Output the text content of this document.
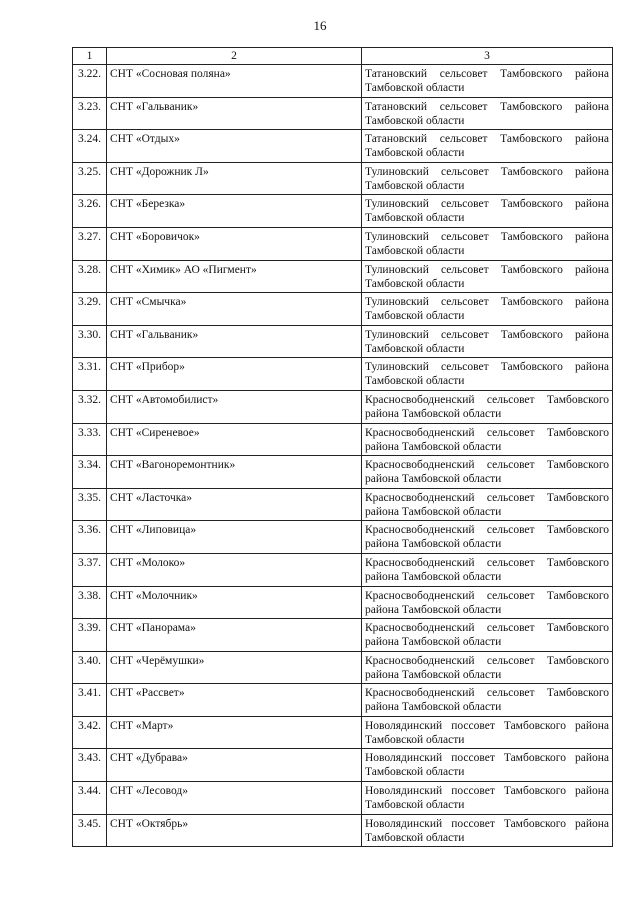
16
1	2	3
3.22.	СНТ «Сосновая поляна»	Татановский сельсовет Тамбовского района Тамбовской области
3.23.	СНТ «Гальваник»	Татановский сельсовет Тамбовского района Тамбовской области
3.24.	СНТ «Отдых»	Татановский сельсовет Тамбовского района Тамбовской области
3.25.	СНТ «Дорожник Л»	Тулиновский сельсовет Тамбовского района Тамбовской области
3.26.	СНТ «Березка»	Тулиновский сельсовет Тамбовского района Тамбовской области
3.27.	СНТ «Боровичок»	Тулиновский сельсовет Тамбовского района Тамбовской области
3.28.	СНТ «Химик» АО «Пигмент»	Тулиновский сельсовет Тамбовского района Тамбовской области
3.29.	СНТ «Смычка»	Тулиновский сельсовет Тамбовского района Тамбовской области
3.30.	СНТ «Гальваник»	Тулиновский сельсовет Тамбовского района Тамбовской области
3.31.	СНТ «Прибор»	Тулиновский сельсовет Тамбовского района Тамбовской области
3.32.	СНТ «Автомобилист»	Красносвободненский сельсовет Тамбовского района Тамбовской области
3.33.	СНТ «Сиреневое»	Красносвободненский сельсовет Тамбовского района Тамбовской области
3.34.	СНТ «Вагоноремонтник»	Красносвободненский сельсовет Тамбовского района Тамбовской области
3.35.	СНТ «Ласточка»	Красносвободненский сельсовет Тамбовского района Тамбовской области
3.36.	СНТ «Липовица»	Красносвободненский сельсовет Тамбовского района Тамбовской области
3.37.	СНТ «Молоко»	Красносвободненский сельсовет Тамбовского района Тамбовской области
3.38.	СНТ «Молочник»	Красносвободненский сельсовет Тамбовского района Тамбовской области
3.39.	СНТ «Панорама»	Красносвободненский сельсовет Тамбовского района Тамбовской области
3.40.	СНТ «Черёмушки»	Красносвободненский сельсовет Тамбовского района Тамбовской области
3.41.	СНТ «Рассвет»	Красносвободненский сельсовет Тамбовского района Тамбовской области
3.42.	СНТ «Март»	Новолядинский поссовет Тамбовского района Тамбовской области
3.43.	СНТ «Дубрава»	Новолядинский поссовет Тамбовского района Тамбовской области
3.44.	СНТ «Лесовод»	Новолядинский поссовет Тамбовского района Тамбовской области
3.45.	СНТ «Октябрь»	Новолядинский поссовет Тамбовского района Тамбовской области
